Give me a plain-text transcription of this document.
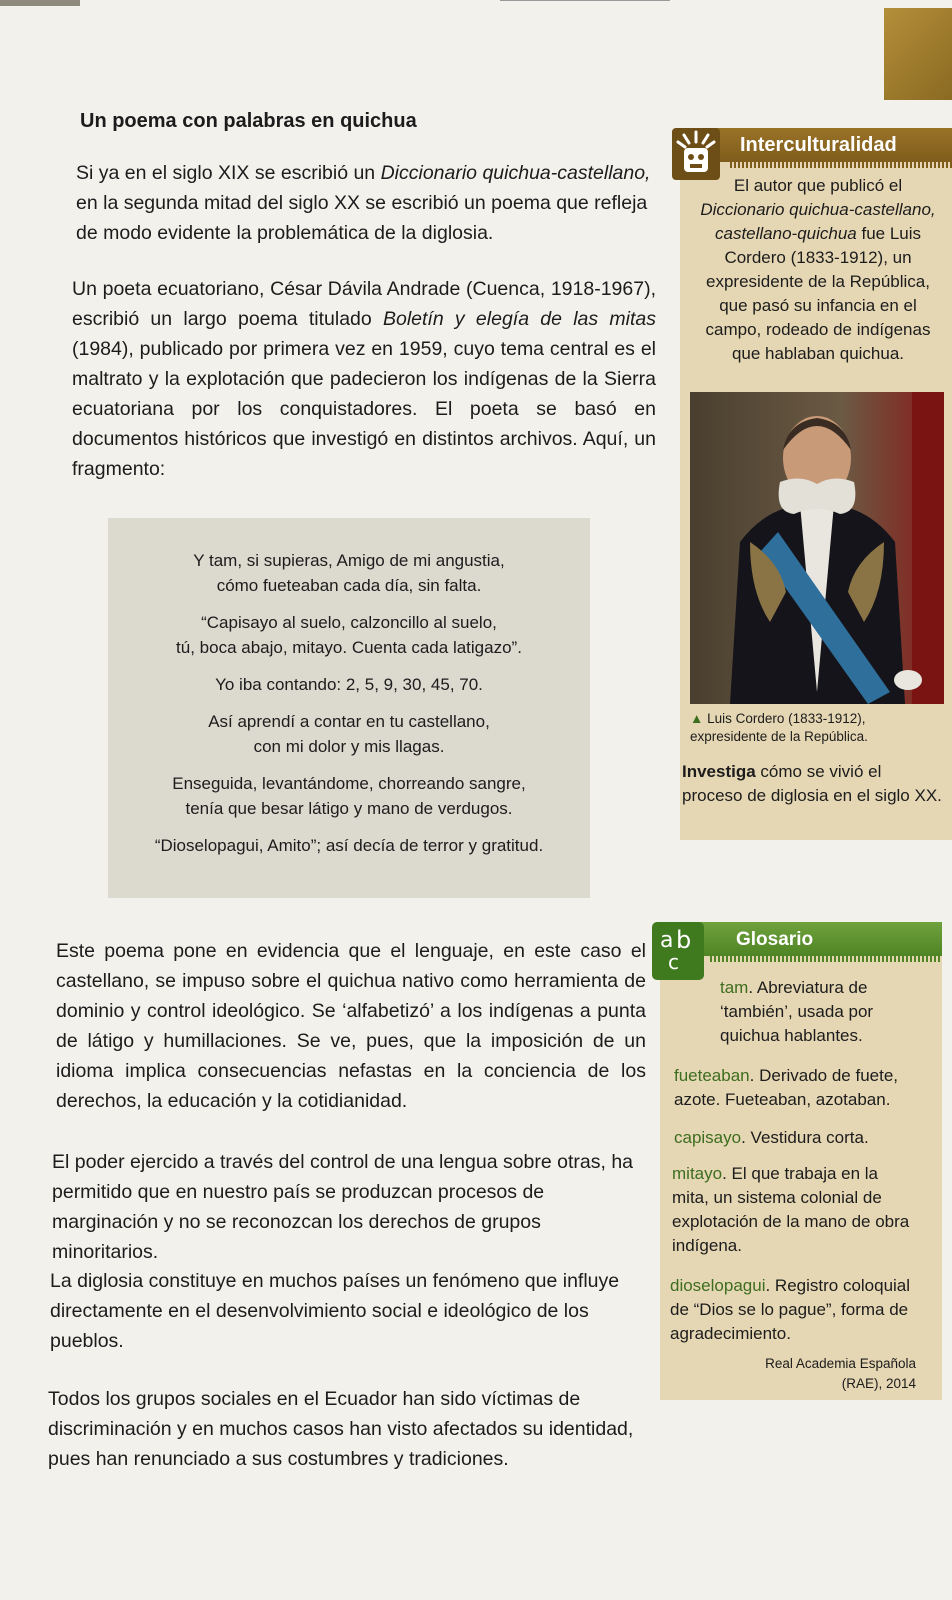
Un poema con palabras en quichua

Si ya en el siglo XIX se escribió un Diccionario quichua-castellano, en la segunda mitad del siglo XX se escribió un poema que refleja de modo evidente la problemática de la diglosia.

Un poeta ecuatoriano, César Dávila Andrade (Cuenca, 1918-1967), escribió un largo poema titulado Boletín y elegía de las mitas (1984), publicado por primera vez en 1959, cuyo tema central es el maltrato y la explotación que padecieron los indígenas de la Sierra ecuatoriana por los conquistadores. El poeta se basó en documentos históricos que investigó en distintos archivos. Aquí, un fragmento:

Y tam, si supieras, Amigo de mi angustia,
cómo fueteaban cada día, sin falta.

“Capisayo al suelo, calzoncillo al suelo,
tú, boca abajo, mitayo. Cuenta cada latigazo”.

Yo iba contando: 2, 5, 9, 30, 45, 70.

Así aprendí a contar en tu castellano,
con mi dolor y mis llagas.

Enseguida, levantándome, chorreando sangre,
tenía que besar látigo y mano de verdugos.

“Dioselopagui, Amito”; así decía de terror y gratitud.

Este poema pone en evidencia que el lenguaje, en este caso el castellano, se impuso sobre el quichua nativo como herramienta de dominio y control ideológico. Se ‘alfabetizó’ a los indígenas a punta de látigo y humillaciones. Se ve, pues, que la imposición de un idioma implica consecuencias nefastas en la conciencia de los derechos, la educación y la cotidianidad.

El poder ejercido a través del control de una lengua sobre otras, ha permitido que en nuestro país se produzcan procesos de marginación y no se reconozcan los derechos de grupos minoritarios.

La diglosia constituye en muchos países un fenómeno que influye directamente en el desenvolvimiento social e ideológico de los pueblos.

Todos los grupos sociales en el Ecuador han sido víctimas de discriminación y en muchos casos han visto afectados su identidad, pues han renunciado a sus costumbres y tradiciones.

Interculturalidad
El autor que publicó el Diccionario quichua-castellano, castellano-quichua fue Luis Cordero (1833-1912), un expresidente de la República, que pasó su infancia en el campo, rodeado de indígenas que hablaban quichua.
▲ Luis Cordero (1833-1912), expresidente de la República.
Investiga cómo se vivió el proceso de diglosia en el siglo XX.
Glosario
a b
c
tam. Abreviatura de ‘también’, usada por quichua hablantes.
fueteaban. Derivado de fuete, azote. Fueteaban, azotaban.
capisayo. Vestidura corta.
mitayo. El que trabaja en la mita, un sistema colonial de explotación de la mano de obra indígena.
dioselopagui. Registro coloquial de “Dios se lo pague”, forma de agradecimiento.
Real Academia Española
(RAE), 2014
